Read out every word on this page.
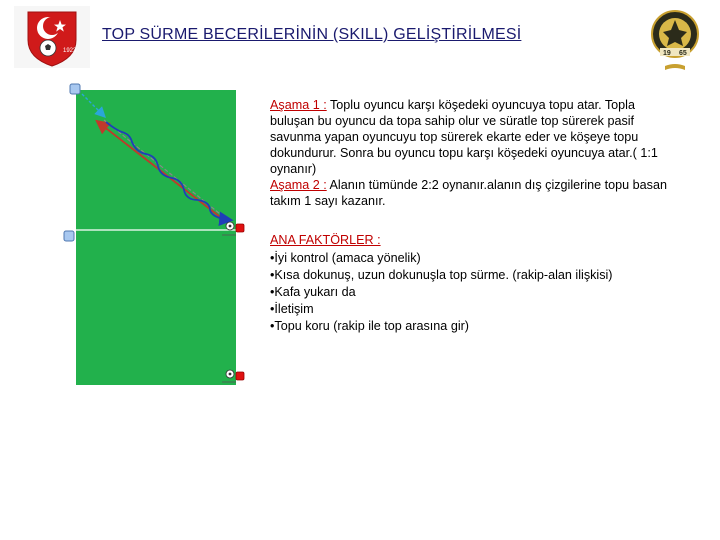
1923
TOP SÜRME BECERİLERİNİN (SKILL) GELİŞTİRİLMESİ
19 65
Aşama 1 : Toplu oyuncu karşı köşedeki oyuncuya topu atar. Topla buluşan bu oyuncu da topa sahip olur ve süratle top sürerek pasif savunma yapan oyuncuyu top sürerek ekarte eder ve köşeye topu dokundurur. Sonra bu oyuncu topu karşı köşedeki oyuncuya atar.( 1:1 oynanır)
Aşama 2 : Alanın tümünde 2:2 oynanır.alanın dış çizgilerine topu basan takım 1 sayı kazanır.
ANA FAKTÖRLER :
•İyi kontrol (amaca yönelik)
•Kısa dokunuş, uzun dokunuşla top sürme. (rakip-alan ilişkisi)
•Kafa yukarı da
•İletişim
•Topu koru (rakip ile top arasına gir)
